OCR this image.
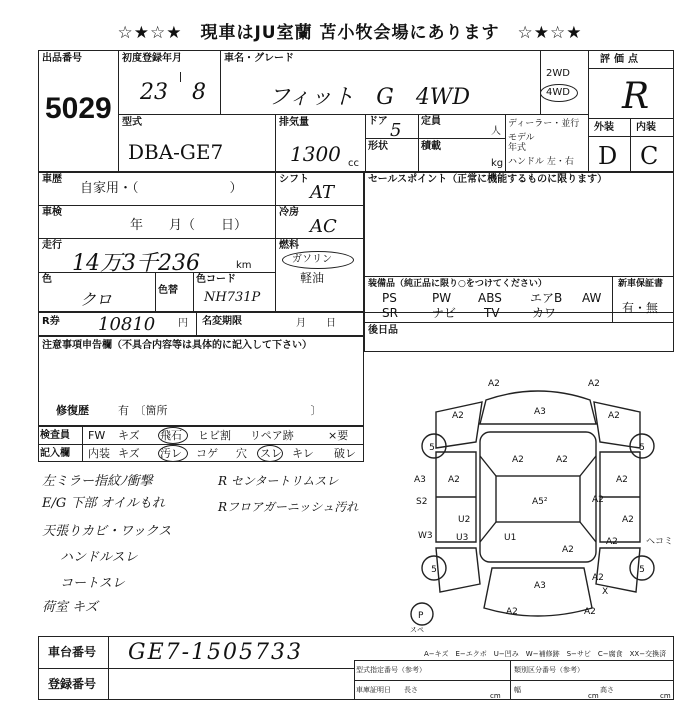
☆★☆★　現車はJU室蘭 苫小牧会場にあります　☆★☆★
出品番号
5029
初度登録年月
23 8
車名・グレード
フィット　G　4WD
2WD
4WD
評価点
R
外装 内装
D C
型式
DBA-GE7
排気量
1300 cc
ドア 5 定員
人
形状	積載
kg
ディーラー・並行
モデル
年式
ハンドル 左・右
車歴
自家用・（　　　　　　　）
シフト
AT
車検
年　　月（　　日）
冷房
AC
走行
14万3千236	km
燃料
ガソリン
軽油
色
クロ	色替
色コード
NH731P
セールスポイント（正常に機能するものに限ります）
装備品（純正品に限り○をつけてください）	新車保証書
有・無
PS	PW ABS エアB AW
SR	ナビ TV	カワ
後日品
R券 10810 円 名変期限	月　　日
注意事項申告欄（不具合内容等は具体的に記入して下さい）
修復歴	有　〔箇所　　　　　　　　　　　　　〕
検査員
記入欄
FW キズ 飛石 ヒビ割 リペア跡	×要
内装 キズ 汚レ コゲ 穴 スレ キレ 破レ
左ミラー指紋ﾉ衝撃
E/G 下部 オイルもれ
天張りカビ・ワックス
ハンドルスレ
コートスレ
荷室 キズ
R センタートリムスレ
Rフロアガーニッシュ汚れ
5	5
5	5
A2	A2
A2	A3	A2
A5²
A3 A2	A2
U2
S2
A2
A2	A2
A2
W3	U3	U1
A2
A2
A2
ヘコミ
X
A3
A2	A2
P
スペ
車台番号 GE7-1505733
登録番号
A−キズ　E−エクボ　U−凹み　W−補修跡　S−サビ　C−腐食　XX−交換済
型式指定番号（参考）	類別区分番号（参考）
車庫証明日 長さ
cm
幅
cm
高さ
cm
